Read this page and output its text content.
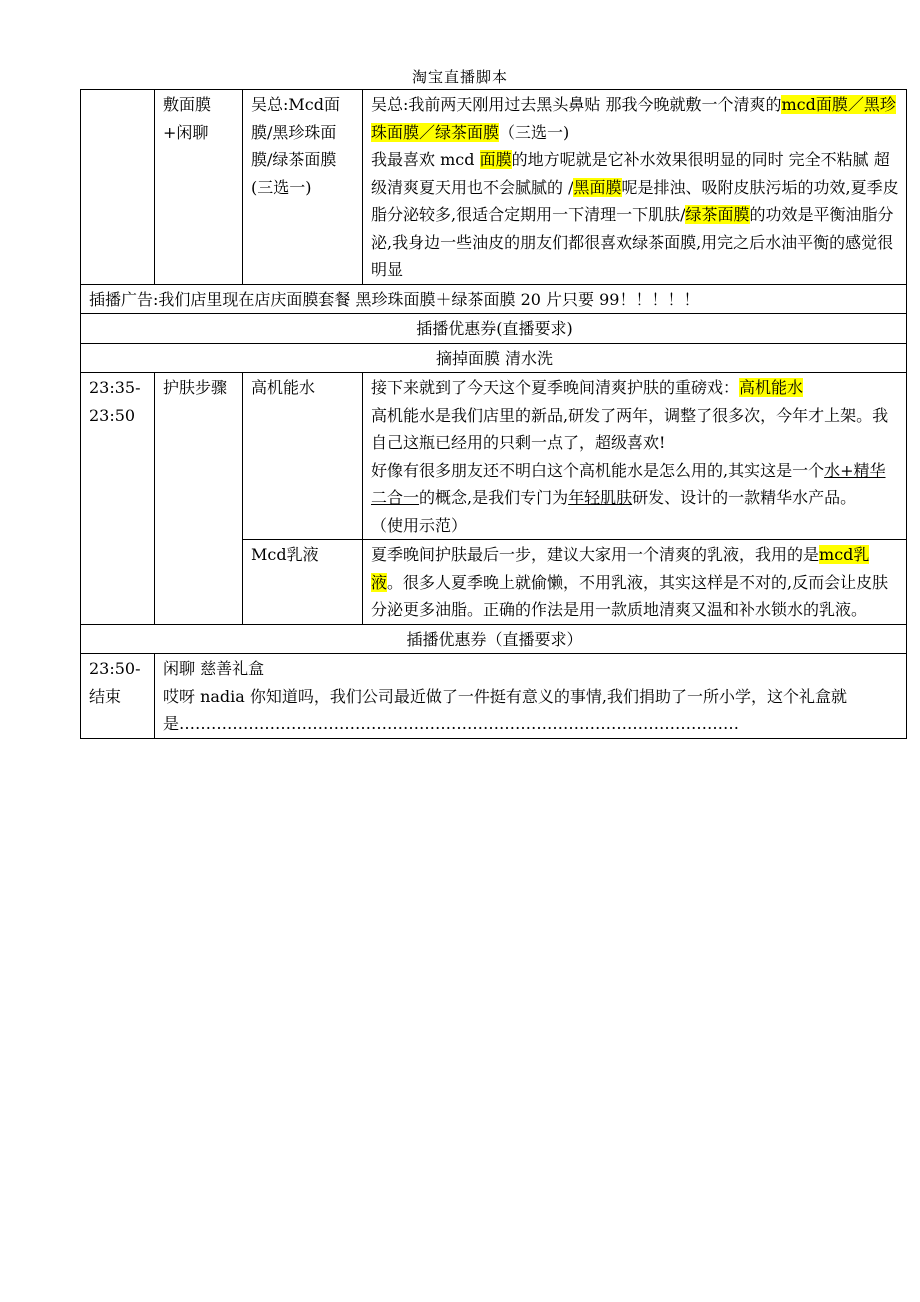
淘宝直播脚本
	敷面膜+闲聊	吴总:Mcd面膜/黑珍珠面膜/绿茶面膜(三选一)	吴总:我前两天刚用过去黑头鼻贴 那我今晚就敷一个清爽的mcd面膜／黑珍珠面膜／绿茶面膜（三选一)
我最喜欢 mcd 面膜的地方呢就是它补水效果很明显的同时 完全不粘腻 超级清爽夏天用也不会腻腻的 /黑面膜呢是排浊、吸附皮肤污垢的功效,夏季皮脂分泌较多,很适合定期用一下清理一下肌肤/绿茶面膜的功效是平衡油脂分泌,我身边一些油皮的朋友们都很喜欢绿茶面膜,用完之后水油平衡的感觉很明显
插播广告:我们店里现在店庆面膜套餐 黑珍珠面膜＋绿茶面膜 20 片只要 99！！！！！			
插播优惠券(直播要求)			
摘掉面膜 清水洗			
23:35-23:50	护肤步骤	高机能水	接下来就到了今天这个夏季晚间清爽护肤的重磅戏：高机能水
高机能水是我们店里的新品,研发了两年，调整了很多次，今年才上架。我自己这瓶已经用的只剩一点了，超级喜欢!
好像有很多朋友还不明白这个高机能水是怎么用的,其实这是一个水+精华二合一的概念,是我们专门为年轻肌肤研发、设计的一款精华水产品。
（使用示范）
		Mcd乳液	夏季晚间护肤最后一步，建议大家用一个清爽的乳液，我用的是mcd乳液。很多人夏季晚上就偷懒，不用乳液，其实这样是不对的,反而会让皮肤分泌更多油脂。正确的作法是用一款质地清爽又温和补水锁水的乳液。
插播优惠券（直播要求）			
23:50-结束	闲聊 慈善礼盒
哎呀 nadia 你知道吗，我们公司最近做了一件挺有意义的事情,我们捐助了一所小学，这个礼盒就是……………………………………………………………………………………………		
